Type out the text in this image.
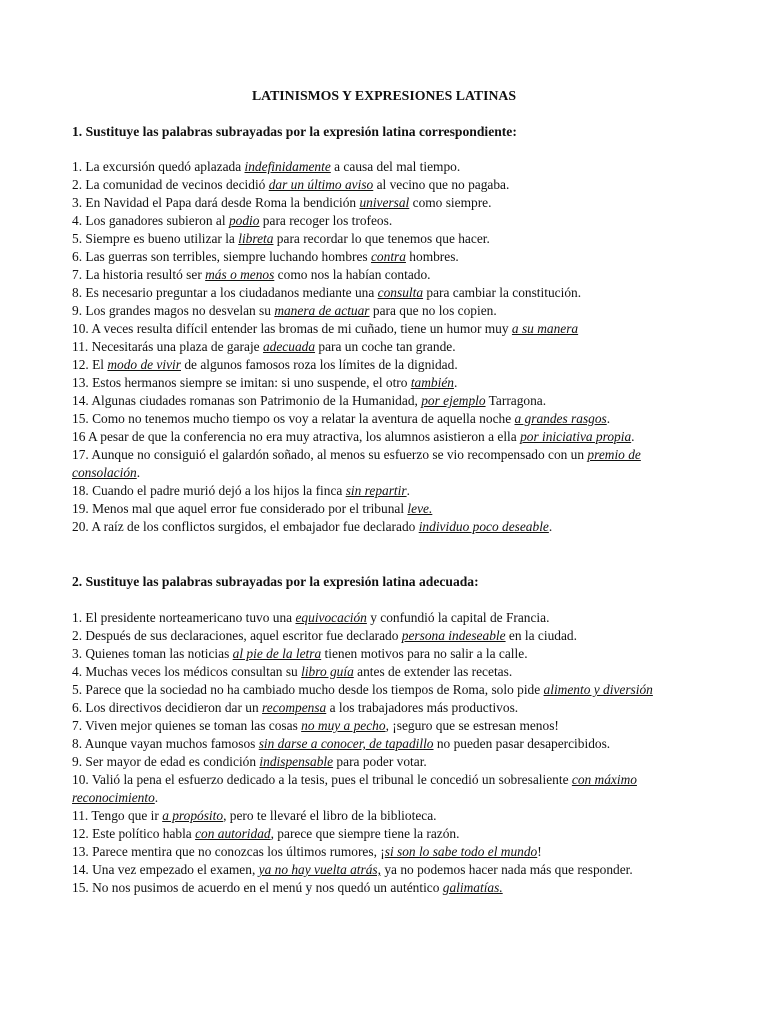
LATINISMOS Y EXPRESIONES LATINAS
1. Sustituye las palabras subrayadas por la expresión latina correspondiente:
1. La excursión quedó aplazada indefinidamente a causa del mal tiempo.
2. La comunidad de vecinos decidió dar un último aviso al vecino que no pagaba.
3. En Navidad el Papa dará desde Roma la bendición universal como siempre.
4. Los ganadores subieron al podio para recoger los trofeos.
5. Siempre es bueno utilizar la libreta para recordar lo que tenemos que hacer.
6. Las guerras son terribles, siempre luchando hombres contra hombres.
7. La historia resultó ser más o menos como nos la habían contado.
8. Es necesario preguntar a los ciudadanos mediante una consulta para cambiar la constitución.
9. Los grandes magos no desvelan su manera de actuar para que no los copien.
10. A veces resulta difícil entender las bromas de mi cuñado, tiene un humor muy a su manera
11. Necesitarás una plaza de garaje adecuada para un coche tan grande.
12. El modo de vivir de algunos famosos roza los límites de la dignidad.
13. Estos hermanos siempre se imitan: si uno suspende, el otro también.
14. Algunas ciudades romanas son Patrimonio de la Humanidad, por ejemplo Tarragona.
15. Como no tenemos mucho tiempo os voy a relatar la aventura de aquella noche a grandes rasgos.
16 A pesar de que la conferencia no era muy atractiva, los alumnos asistieron a ella por iniciativa propia.
17. Aunque no consiguió el galardón soñado, al menos su esfuerzo se vio recompensado con un premio de consolación.
18. Cuando el padre murió dejó a los hijos la finca sin repartir.
19. Menos mal que aquel error fue considerado por el tribunal leve.
20. A raíz de los conflictos surgidos, el embajador fue declarado individuo poco deseable.
2. Sustituye las palabras subrayadas por la expresión latina adecuada:
1. El presidente norteamericano tuvo una equivocación y confundió la capital de Francia.
2. Después de sus declaraciones, aquel escritor fue declarado persona indeseable en la ciudad.
3. Quienes toman las noticias al pie de la letra tienen motivos para no salir a la calle.
4. Muchas veces los médicos consultan su libro guía antes de extender las recetas.
5. Parece que la sociedad no ha cambiado mucho desde los tiempos de Roma, solo pide alimento y diversión
6. Los directivos decidieron dar un recompensa a los trabajadores más productivos.
7. Viven mejor quienes se toman las cosas no muy a pecho, ¡seguro que se estresan menos!
8. Aunque vayan muchos famosos sin darse a conocer, de tapadillo no pueden pasar desapercibidos.
9. Ser mayor de edad es condición indispensable para poder votar.
10. Valió la pena el esfuerzo dedicado a la tesis, pues el tribunal le concedió un sobresaliente con máximo reconocimiento.
11. Tengo que ir a propósito, pero te llevaré el libro de la biblioteca.
12. Este político habla con autoridad, parece que siempre tiene la razón.
13. Parece mentira que no conozcas los últimos rumores, ¡si son lo sabe todo el mundo!
14. Una vez empezado el examen, ya no hay vuelta atrás, ya no podemos hacer nada más que responder.
15. No nos pusimos de acuerdo en el menú y nos quedó un auténtico galimatías.
